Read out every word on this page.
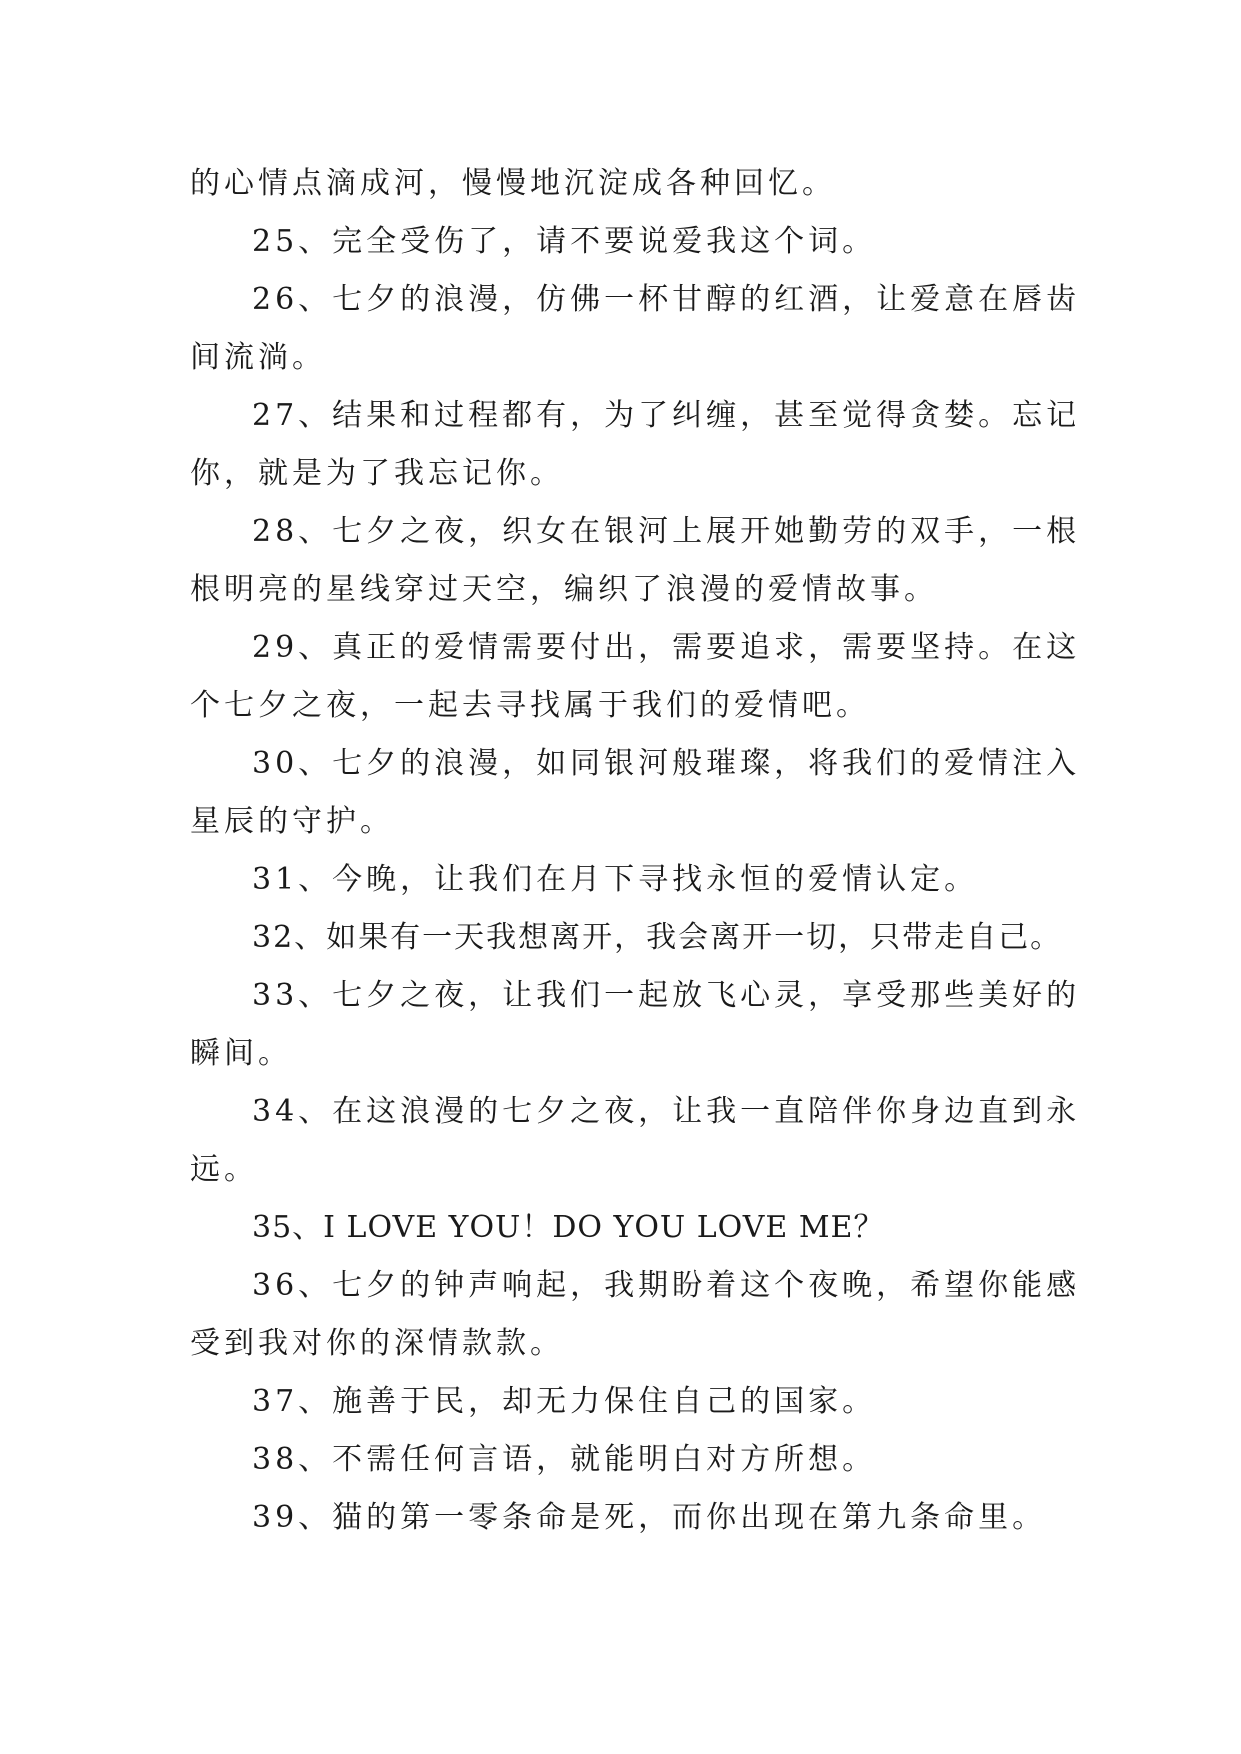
的心情点滴成河，慢慢地沉淀成各种回忆。
25、完全受伤了，请不要说爱我这个词。
26、七夕的浪漫，仿佛一杯甘醇的红酒，让爱意在唇齿
间流淌。
27、结果和过程都有，为了纠缠，甚至觉得贪婪。忘记
你，就是为了我忘记你。
28、七夕之夜，织女在银河上展开她勤劳的双手，一根
根明亮的星线穿过天空，编织了浪漫的爱情故事。
29、真正的爱情需要付出，需要追求，需要坚持。在这
个七夕之夜，一起去寻找属于我们的爱情吧。
30、七夕的浪漫，如同银河般璀璨，将我们的爱情注入
星辰的守护。
31、今晚，让我们在月下寻找永恒的爱情认定。
32、如果有一天我想离开，我会离开一切，只带走自己。
33、七夕之夜，让我们一起放飞心灵，享受那些美好的
瞬间。
34、在这浪漫的七夕之夜，让我一直陪伴你身边直到永
远。
35、I LOVE YOU！DO YOU LOVE ME？
36、七夕的钟声响起，我期盼着这个夜晚，希望你能感
受到我对你的深情款款。
37、施善于民，却无力保住自己的国家。
38、不需任何言语，就能明白对方所想。
39、猫的第一零条命是死，而你出现在第九条命里。
